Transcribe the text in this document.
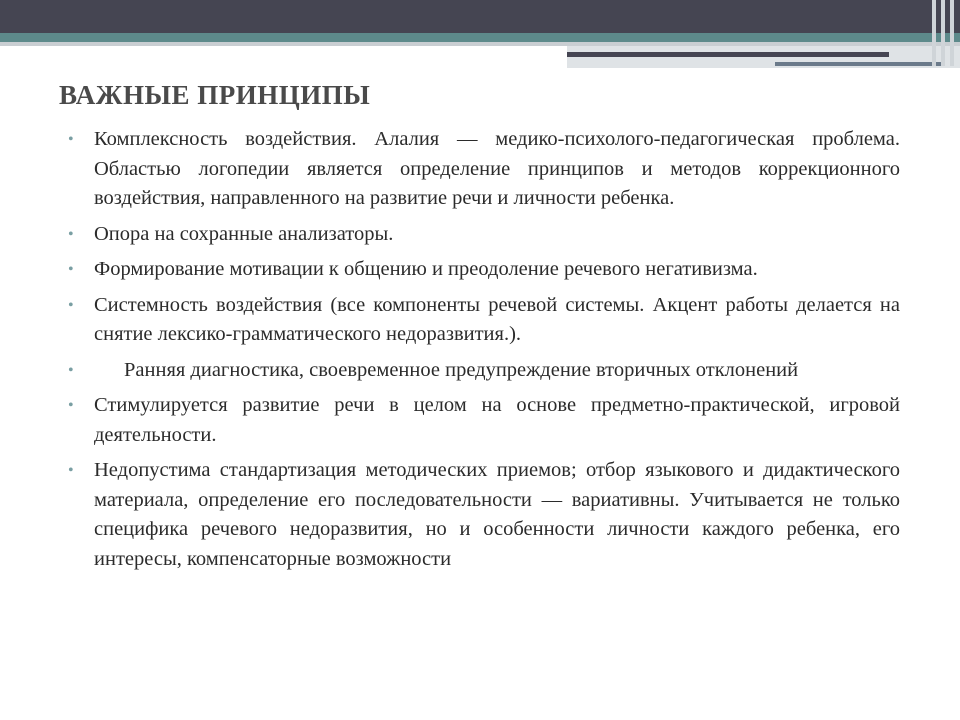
ВАЖНЫЕ ПРИНЦИПЫ
• Комплексность воздействия. Алалия — медико-психолого-педагогическая проблема. Областью логопедии является определение принципов и методов коррекционного воздействия, направленного на развитие речи и личности ребенка.
• Опора на сохранные анализаторы.
• Формирование мотивации к общению и преодоление речевого негативизма.
• Системность воздействия (все компоненты речевой системы. Акцент работы делается на снятие лексико-грамматического недоразвития.).
• Ранняя диагностика, своевременное предупреждение вторичных отклонений
• Стимулируется развитие речи в целом на основе предметно-практической, игровой деятельности.
• Недопустима стандартизация методических приемов; отбор языкового и дидактического материала, определение его последовательности — вариативны. Учитывается не только специфика речевого недоразвития, но и особенности личности каждого ребенка, его интересы, компенсаторные возможности
